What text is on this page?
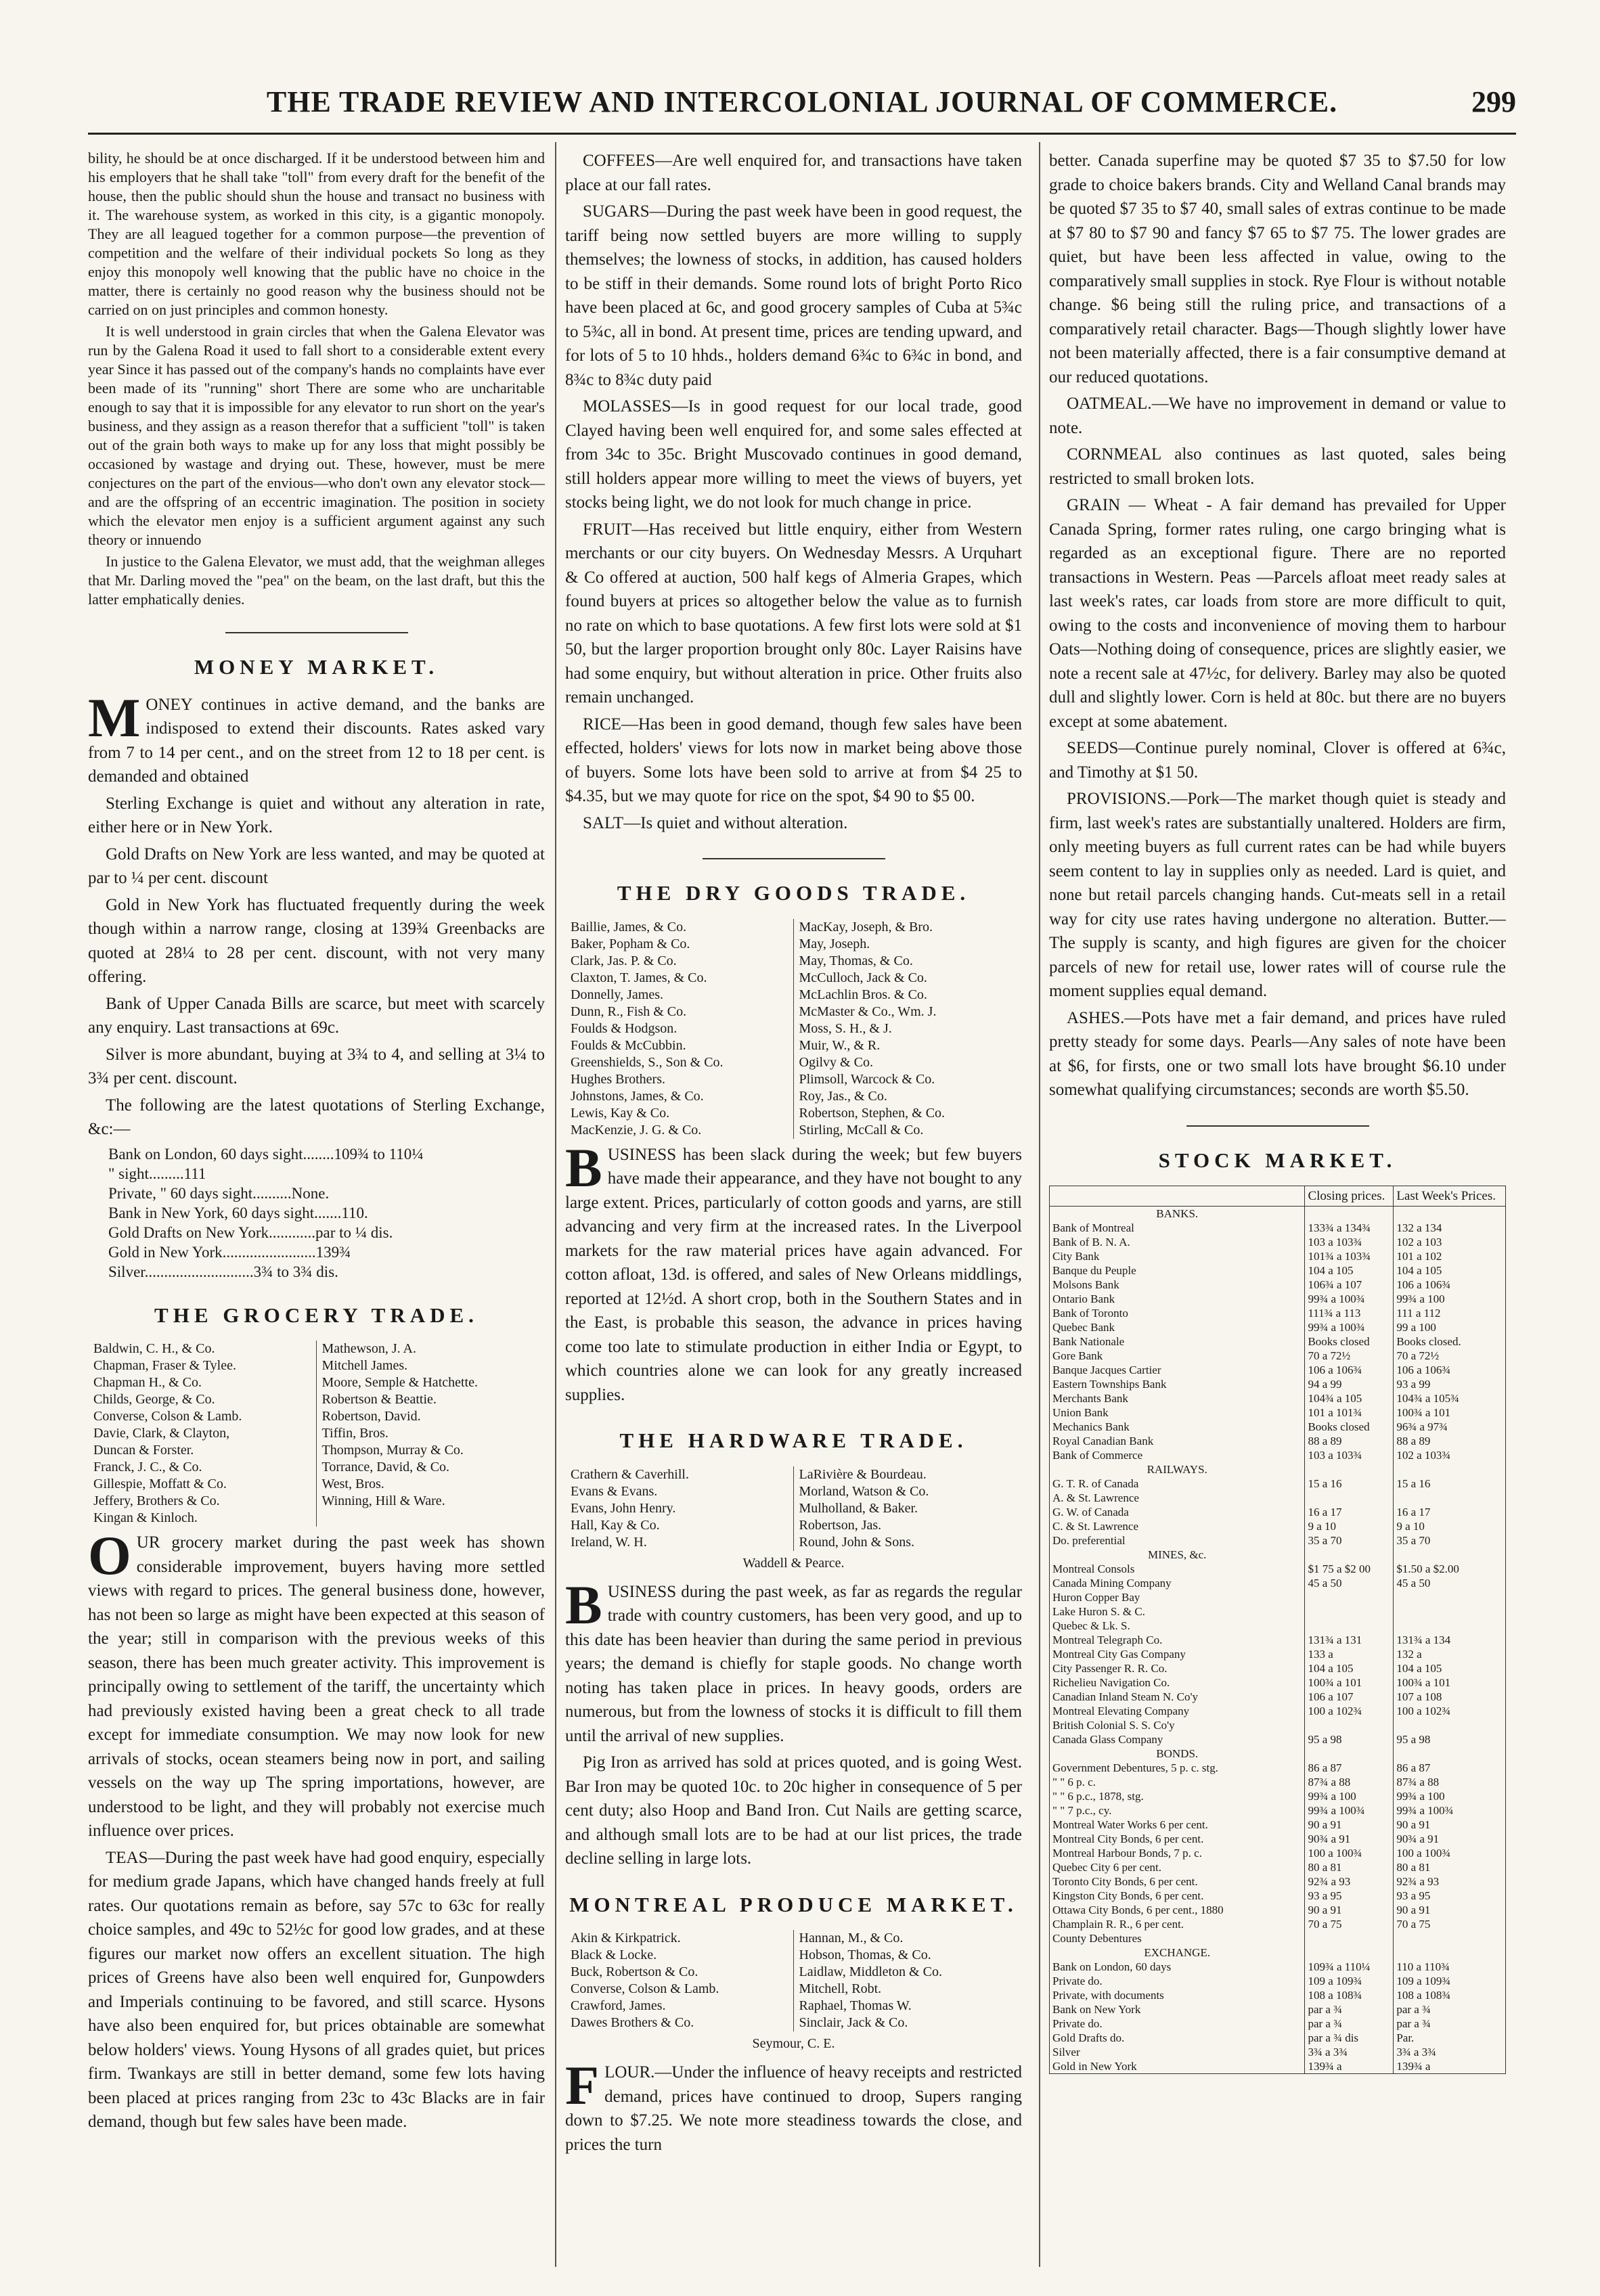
THE TRADE REVIEW AND INTERCOLONIAL JOURNAL OF COMMERCE.	299

bility, he should be at once discharged. If it be understood between him and his employers that he shall take "toll" from every draft for the benefit of the house, then the public should shun the house and transact no business with it. The warehouse system, as worked in this city, is a gigantic monopoly. They are all leagued together for a common purpose—the prevention of competition and the welfare of their individual pockets So long as they enjoy this monopoly well knowing that the public have no choice in the matter, there is certainly no good reason why the business should not be carried on on just principles and common honesty.

It is well understood in grain circles that when the Galena Elevator was run by the Galena Road it used to fall short to a considerable extent every year Since it has passed out of the company's hands no complaints have ever been made of its "running" short There are some who are uncharitable enough to say that it is impossible for any elevator to run short on the year's business, and they assign as a reason therefor that a sufficient "toll" is taken out of the grain both ways to make up for any loss that might possibly be occasioned by wastage and drying out. These, however, must be mere conjectures on the part of the envious—who don't own any elevator stock—and are the offspring of an eccentric imagination. The position in society which the elevator men enjoy is a sufficient argument against any such theory or innuendo

In justice to the Galena Elevator, we must add, that the weighman alleges that Mr. Darling moved the "pea" on the beam, on the last draft, but this the latter emphatically denies.

MONEY MARKET.

MONEY continues in active demand, and the banks are indisposed to extend their discounts. Rates asked vary from 7 to 14 per cent., and on the street from 12 to 18 per cent. is demanded and obtained

Sterling Exchange is quiet and without any alteration in rate, either here or in New York.

Gold Drafts on New York are less wanted, and may be quoted at par to ¼ per cent. discount

Gold in New York has fluctuated frequently during the week though within a narrow range, closing at 139¾ Greenbacks are quoted at 28¼ to 28 per cent. discount, with not very many offering.

Bank of Upper Canada Bills are scarce, but meet with scarcely any enquiry. Last transactions at 69c.

Silver is more abundant, buying at 3¾ to 4, and selling at 3¼ to 3¾ per cent. discount.

The following are the latest quotations of Sterling Exchange, &c:—

Bank on London, 60 days sight........109¾ to 110¼
" sight.........111
Private, " 60 days sight..........None.
Bank in New York, 60 days sight.......110.
Gold Drafts on New York............par to ¼ dis.
Gold in New York........................139¾
Silver............................3¾ to 3¾ dis.
THE GROCERY TRADE.
Baldwin, C. H., & Co.
Chapman, Fraser & Tylee.
Chapman H., & Co.
Childs, George, & Co.
Converse, Colson & Lamb.
Davie, Clark, & Clayton,
Duncan & Forster.
Franck, J. C., & Co.
Gillespie, Moffatt & Co.
Jeffery, Brothers & Co.
Kingan & Kinloch.
Mathewson, J. A.
Mitchell James.
Moore, Semple & Hatchette.
Robertson & Beattie.
Robertson, David.
Tiffin, Bros.
Thompson, Murray & Co.
Torrance, David, & Co.
West, Bros.
Winning, Hill & Ware.

OUR grocery market during the past week has shown considerable improvement, buyers having more settled views with regard to prices. The general business done, however, has not been so large as might have been expected at this season of the year; still in comparison with the previous weeks of this season, there has been much greater activity. This improvement is principally owing to settlement of the tariff, the uncertainty which had previously existed having been a great check to all trade except for immediate consumption. We may now look for new arrivals of stocks, ocean steamers being now in port, and sailing vessels on the way up The spring importations, however, are understood to be light, and they will probably not exercise much influence over prices.

TEAS—During the past week have had good enquiry, especially for medium grade Japans, which have changed hands freely at full rates. Our quotations remain as before, say 57c to 63c for really choice samples, and 49c to 52½c for good low grades, and at these figures our market now offers an excellent situation. The high prices of Greens have also been well enquired for, Gunpowders and Imperials continuing to be favored, and still scarce. Hysons have also been enquired for, but prices obtainable are somewhat below holders' views. Young Hysons of all grades quiet, but prices firm. Twankays are still in better demand, some few lots having been placed at prices ranging from 23c to 43c Blacks are in fair demand, though but few sales have been made.

COFFEES—Are well enquired for, and transactions have taken place at our fall rates.

SUGARS—During the past week have been in good request, the tariff being now settled buyers are more willing to supply themselves; the lowness of stocks, in addition, has caused holders to be stiff in their demands. Some round lots of bright Porto Rico have been placed at 6c, and good grocery samples of Cuba at 5¾c to 5¾c, all in bond. At present time, prices are tending upward, and for lots of 5 to 10 hhds., holders demand 6¾c to 6¾c in bond, and 8¾c to 8¾c duty paid

MOLASSES—Is in good request for our local trade, good Clayed having been well enquired for, and some sales effected at from 34c to 35c. Bright Muscovado continues in good demand, still holders appear more willing to meet the views of buyers, yet stocks being light, we do not look for much change in price.

FRUIT—Has received but little enquiry, either from Western merchants or our city buyers. On Wednesday Messrs. A Urquhart & Co offered at auction, 500 half kegs of Almeria Grapes, which found buyers at prices so altogether below the value as to furnish no rate on which to base quotations. A few first lots were sold at $1 50, but the larger proportion brought only 80c. Layer Raisins have had some enquiry, but without alteration in price. Other fruits also remain unchanged.

RICE—Has been in good demand, though few sales have been effected, holders' views for lots now in market being above those of buyers. Some lots have been sold to arrive at from $4 25 to $4.35, but we may quote for rice on the spot, $4 90 to $5 00.

SALT—Is quiet and without alteration.

THE DRY GOODS TRADE.
Baillie, James, & Co.
Baker, Popham & Co.
Clark, Jas. P. & Co.
Claxton, T. James, & Co.
Donnelly, James.
Dunn, R., Fish & Co.
Foulds & Hodgson.
Foulds & McCubbin.
Greenshields, S., Son & Co.
Hughes Brothers.
Johnstons, James, & Co.
Lewis, Kay & Co.
MacKenzie, J. G. & Co.
MacKay, Joseph, & Bro.
May, Joseph.
May, Thomas, & Co.
McCulloch, Jack & Co.
McLachlin Bros. & Co.
McMaster & Co., Wm. J.
Moss, S. H., & J.
Muir, W., & R.
Ogilvy & Co.
Plimsoll, Warcock & Co.
Roy, Jas., & Co.
Robertson, Stephen, & Co.
Stirling, McCall & Co.

BUSINESS has been slack during the week; but few buyers have made their appearance, and they have not bought to any large extent. Prices, particularly of cotton goods and yarns, are still advancing and very firm at the increased rates. In the Liverpool markets for the raw material prices have again advanced. For cotton afloat, 13d. is offered, and sales of New Orleans middlings, reported at 12½d. A short crop, both in the Southern States and in the East, is probable this season, the advance in prices having come too late to stimulate production in either India or Egypt, to which countries alone we can look for any greatly increased supplies.

THE HARDWARE TRADE.
Crathern & Caverhill.
Evans & Evans.
Evans, John Henry.
Hall, Kay & Co.
Ireland, W. H.
LaRivière & Bourdeau.
Morland, Watson & Co.
Mulholland, & Baker.
Robertson, Jas.
Round, John & Sons.
Waddell & Pearce.

BUSINESS during the past week, as far as regards the regular trade with country customers, has been very good, and up to this date has been heavier than during the same period in previous years; the demand is chiefly for staple goods. No change worth noting has taken place in prices. In heavy goods, orders are numerous, but from the lowness of stocks it is difficult to fill them until the arrival of new supplies.

Pig Iron as arrived has sold at prices quoted, and is going West. Bar Iron may be quoted 10c. to 20c higher in consequence of 5 per cent duty; also Hoop and Band Iron. Cut Nails are getting scarce, and although small lots are to be had at our list prices, the trade decline selling in large lots.

MONTREAL PRODUCE MARKET.
Akin & Kirkpatrick.
Black & Locke.
Buck, Robertson & Co.
Converse, Colson & Lamb.
Crawford, James.
Dawes Brothers & Co.
Hannan, M., & Co.
Hobson, Thomas, & Co.
Laidlaw, Middleton & Co.
Mitchell, Robt.
Raphael, Thomas W.
Sinclair, Jack & Co.
Seymour, C. E.

FLOUR.—Under the influence of heavy receipts and restricted demand, prices have continued to droop, Supers ranging down to $7.25. We note more steadiness towards the close, and prices the turn

better. Canada superfine may be quoted $7 35 to $7.50 for low grade to choice bakers brands. City and Welland Canal brands may be quoted $7 35 to $7 40, small sales of extras continue to be made at $7 80 to $7 90 and fancy $7 65 to $7 75. The lower grades are quiet, but have been less affected in value, owing to the comparatively small supplies in stock. Rye Flour is without notable change. $6 being still the ruling price, and transactions of a comparatively retail character. Bags—Though slightly lower have not been materially affected, there is a fair consumptive demand at our reduced quotations.

OATMEAL.—We have no improvement in demand or value to note.

CORNMEAL also continues as last quoted, sales being restricted to small broken lots.

GRAIN — Wheat - A fair demand has prevailed for Upper Canada Spring, former rates ruling, one cargo bringing what is regarded as an exceptional figure. There are no reported transactions in Western. Peas —Parcels afloat meet ready sales at last week's rates, car loads from store are more difficult to quit, owing to the costs and inconvenience of moving them to harbour Oats—Nothing doing of consequence, prices are slightly easier, we note a recent sale at 47½c, for delivery. Barley may also be quoted dull and slightly lower. Corn is held at 80c. but there are no buyers except at some abatement.

SEEDS—Continue purely nominal, Clover is offered at 6¾c, and Timothy at $1 50.

PROVISIONS.—Pork—The market though quiet is steady and firm, last week's rates are substantially unaltered. Holders are firm, only meeting buyers as full current rates can be had while buyers seem content to lay in supplies only as needed. Lard is quiet, and none but retail parcels changing hands. Cut-meats sell in a retail way for city use rates having undergone no alteration. Butter.—The supply is scanty, and high figures are given for the choicer parcels of new for retail use, lower rates will of course rule the moment supplies equal demand.

ASHES.—Pots have met a fair demand, and prices have ruled pretty steady for some days. Pearls—Any sales of note have been at $6, for firsts, one or two small lots have brought $6.10 under somewhat qualifying circumstances; seconds are worth $5.50.

STOCK MARKET.
	Closing prices.	Last Week's Prices.
BANKS.		
Bank of Montreal	133¾ a 134¾	132 a 134
Bank of B. N. A.	103 a 103¾	102 a 103
City Bank	101¾ a 103¾	101 a 102
Banque du Peuple	104 a 105	104 a 105
Molsons Bank	106¾ a 107	106 a 106¾
Ontario Bank	99¾ a 100¾	99¾ a 100
Bank of Toronto	111¾ a 113	111 a 112
Quebec Bank	99¾ a 100¾	99 a 100
Bank Nationale	Books closed	Books closed.
Gore Bank	70 a 72½	70 a 72½
Banque Jacques Cartier	106 a 106¾	106 a 106¾
Eastern Townships Bank	94 a 99	93 a 99
Merchants Bank	104¾ a 105	104¾ a 105¾
Union Bank	101 a 101¾	100¾ a 101
Mechanics Bank	Books closed	96¾ a 97¾
Royal Canadian Bank	88 a 89	88 a 89
Bank of Commerce	103 a 103¾	102 a 103¾
RAILWAYS.		
G. T. R. of Canada	15 a 16	15 a 16
A. & St. Lawrence		
G. W. of Canada	16 a 17	16 a 17
C. & St. Lawrence	9 a 10	9 a 10
Do. preferential	35 a 70	35 a 70
MINES, &c.		
Montreal Consols	$1 75 a $2 00	$1.50 a $2.00
Canada Mining Company	45 a 50	45 a 50
Huron Copper Bay		
Lake Huron S. & C.		
Quebec & Lk. S.		
Montreal Telegraph Co.	131¾ a 131	131¾ a 134
Montreal City Gas Company	133 a	132 a
City Passenger R. R. Co.	104 a 105	104 a 105
Richelieu Navigation Co.	100¾ a 101	100¾ a 101
Canadian Inland Steam N. Co'y	106 a 107	107 a 108
Montreal Elevating Company	100 a 102¾	100 a 102¾
British Colonial S. S. Co'y		
Canada Glass Company	95 a 98	95 a 98
BONDS.		
Government Debentures, 5 p. c. stg.	86 a 87	86 a 87
" " 6 p. c.	87¾ a 88	87¾ a 88
" " 6 p.c., 1878, stg.	99¾ a 100	99¾ a 100
" " 7 p.c., cy.	99¾ a 100¾	99¾ a 100¾
Montreal Water Works 6 per cent.	90 a 91	90 a 91
Montreal City Bonds, 6 per cent.	90¾ a 91	90¾ a 91
Montreal Harbour Bonds, 7 p. c.	100 a 100¾	100 a 100¾
Quebec City 6 per cent.	80 a 81	80 a 81
Toronto City Bonds, 6 per cent.	92¾ a 93	92¾ a 93
Kingston City Bonds, 6 per cent.	93 a 95	93 a 95
Ottawa City Bonds, 6 per cent., 1880	90 a 91	90 a 91
Champlain R. R., 6 per cent.	70 a 75	70 a 75
County Debentures		
EXCHANGE.		
Bank on London, 60 days	109¾ a 110¼	110 a 110¾
Private do.	109 a 109¾	109 a 109¾
Private, with documents	108 a 108¾	108 a 108¾
Bank on New York	par a ¾	par a ¾
Private do.	par a ¾	par a ¾
Gold Drafts do.	par a ¾ dis	Par.
Silver	3¾ a 3¾	3¾ a 3¾
Gold in New York	139¾ a	139¾ a
